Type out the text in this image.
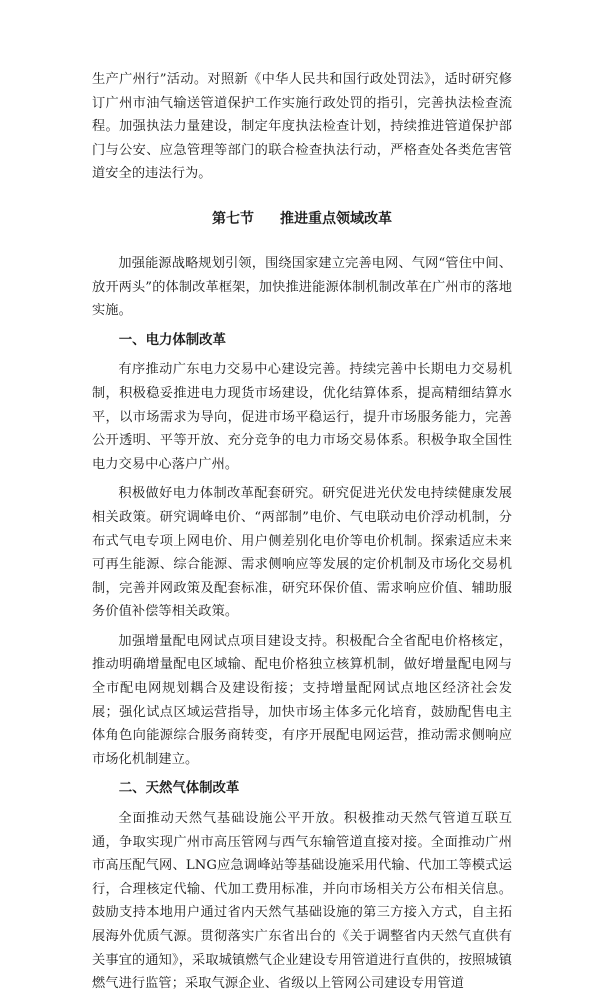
生产广州行”活动。对照新《中华人民共和国行政处罚法》，适时研究修订广州市油气输送管道保护工作实施行政处罚的指引，完善执法检查流程。加强执法力量建设，制定年度执法检查计划，持续推进管道保护部门与公安、应急管理等部门的联合检查执法行动，严格查处各类危害管道安全的违法行为。

第七节 推进重点领域改革

加强能源战略规划引领，围绕国家建立完善电网、气网“管住中间、放开两头”的体制改革框架，加快推进能源体制机制改革在广州市的落地实施。

一、电力体制改革

有序推动广东电力交易中心建设完善。持续完善中长期电力交易机制，积极稳妥推进电力现货市场建设，优化结算体系，提高精细结算水平，以市场需求为导向，促进市场平稳运行，提升市场服务能力，完善公开透明、平等开放、充分竞争的电力市场交易体系。积极争取全国性电力交易中心落户广州。

积极做好电力体制改革配套研究。研究促进光伏发电持续健康发展相关政策。研究调峰电价、“两部制”电价、气电联动电价浮动机制，分布式气电专项上网电价、用户侧差别化电价等电价机制。探索适应未来可再生能源、综合能源、需求侧响应等发展的定价机制及市场化交易机制，完善并网政策及配套标准，研究环保价值、需求响应价值、辅助服务价值补偿等相关政策。

加强增量配电网试点项目建设支持。积极配合全省配电价格核定，推动明确增量配电区域输、配电价格独立核算机制，做好增量配电网与全市配电网规划耦合及建设衔接；支持增量配网试点地区经济社会发展；强化试点区域运营指导，加快市场主体多元化培育，鼓励配售电主体角色向能源综合服务商转变，有序开展配电网运营，推动需求侧响应市场化机制建立。

二、天然气体制改革

全面推动天然气基础设施公平开放。积极推动天然气管道互联互通，争取实现广州市高压管网与西气东输管道直接对接。全面推动广州市高压配气网、LNG应急调峰站等基础设施采用代输、代加工等模式运行，合理核定代输、代加工费用标准，并向市场相关方公布相关信息。鼓励支持本地用户通过省内天然气基础设施的第三方接入方式，自主拓展海外优质气源。贯彻落实广东省出台的《关于调整省内天然气直供有关事宜的通知》，采取城镇燃气企业建设专用管道进行直供的，按照城镇燃气进行监管；采取气源企业、省级以上管网公司建设专用管道
